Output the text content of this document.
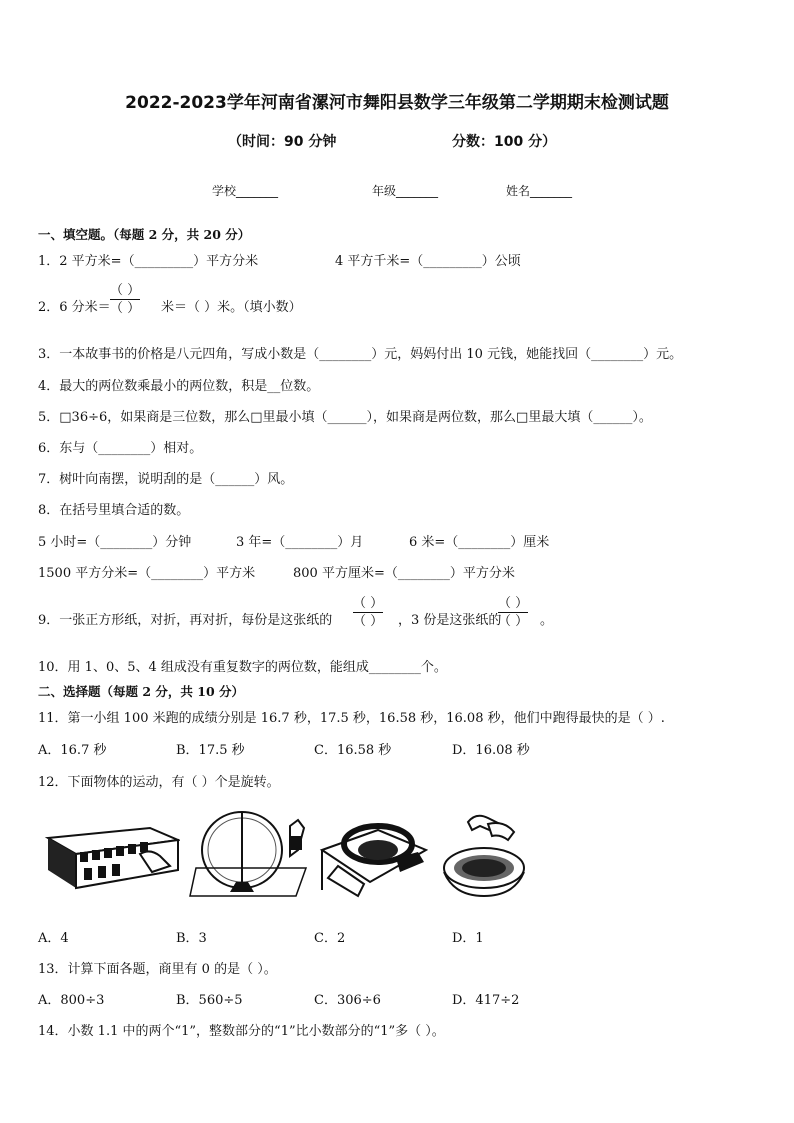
2022-2023学年河南省漯河市舞阳县数学三年级第二学期期末检测试题
（时间：90 分钟	分数：100 分）
学校_______	年级_______	姓名_______
一、填空题。（每题 2 分，共 20 分）
1．2 平方米=（_________）平方分米	4 平方千米=（_________）公顷
2．6 分米＝
（ ）
（ ） 米＝（ ）米。（填小数）
3．一本故事书的价格是八元四角，写成小数是（________）元，妈妈付出 10 元钱，她能找回（________）元。
4．最大的两位数乘最小的两位数，积是__位数。
5．□36÷6，如果商是三位数，那么□里最小填（______），如果商是两位数，那么□里最大填（______）。
6．东与（________）相对。
7．树叶向南摆，说明刮的是（______）风。
8．在括号里填合适的数。
5 小时=（________）分钟	3 年=（________）月	6 米=（________）厘米
1500 平方分米=（________）平方米	800 平方厘米=（________）平方分米
9．一张正方形纸，对折，再对折，每份是这张纸的
（ ）
（ ） ，3 份是这张纸的
（ ）
（ ） 。
10．用 1、0、5、4 组成没有重复数字的两位数，能组成________个。
二、选择题（每题 2 分，共 10 分）
11．第一小组 100 米跑的成绩分别是 16.7 秒，17.5 秒，16.58 秒，16.08 秒，他们中跑得最快的是（ ）.
A．16.7 秒	B．17.5 秒	C．16.58 秒	D．16.08 秒
12．下面物体的运动，有（ ）个是旋转。
A．4	B．3	C．2	D．1
13．计算下面各题，商里有 0 的是（ ）。
A．800÷3	B．560÷5	C．306÷6	D．417÷2
14．小数 1.1 中的两个“1”，整数部分的“1”比小数部分的“1”多（ ）。
